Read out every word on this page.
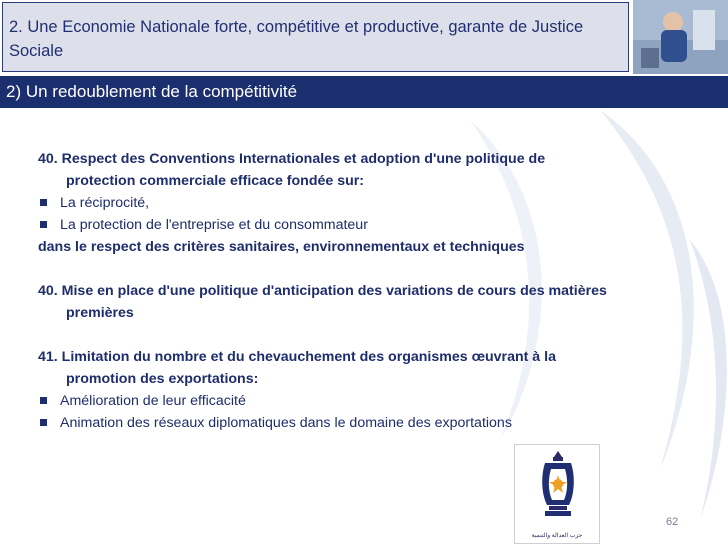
2. Une Economie Nationale forte, compétitive et productive, garante de Justice Sociale
2) Un redoublement de la compétitivité
40. Respect des Conventions Internationales et adoption d'une politique de
protection commerciale efficace fondée sur:
La réciprocité,
La protection de l'entreprise et du consommateur
dans le respect des critères sanitaires, environnementaux et techniques
40. Mise en place d'une politique d'anticipation des variations de cours des matières
premières
41. Limitation du nombre et du chevauchement des organismes œuvrant à la
promotion des exportations:
Amélioration de leur efficacité
Animation des réseaux diplomatiques dans le domaine des exportations
حزب العدالة والتنمية
62
